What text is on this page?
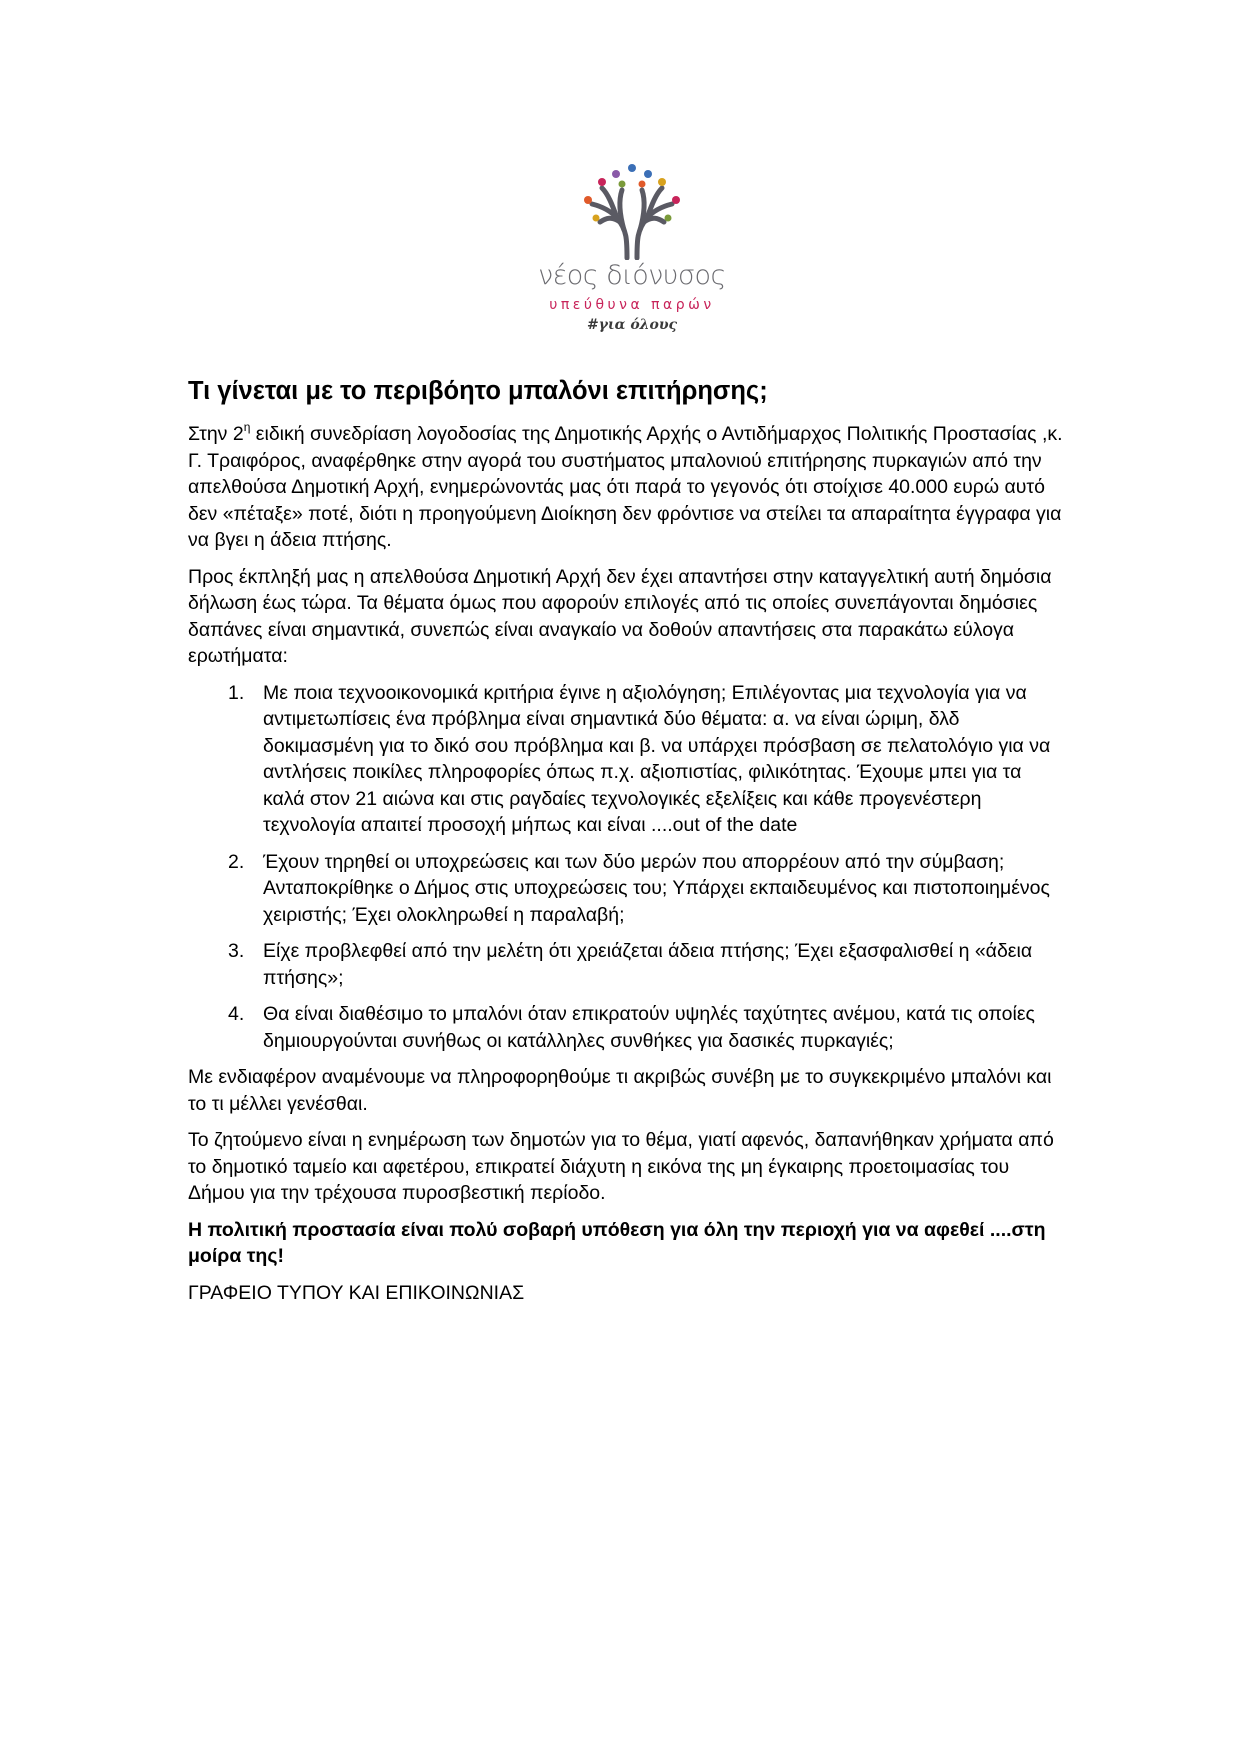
νέος διόνυσος
υπεύθυνα παρών
#για όλους
Τι γίνεται με το περιβόητο μπαλόνι επιτήρησης;

Στην $2^\eta$ ειδική συνεδρίαση λογοδοσίας της Δημοτικής Αρχής ο Αντιδήμαρχος Πολιτικής Προστασίας ,κ. Γ. Τραιφόρος, αναφέρθηκε στην αγορά του συστήματος μπαλονιού επιτήρησης πυρκαγιών από την απελθούσα Δημοτική Αρχή, ενημερώνοντάς μας ότι παρά το γεγονός ότι στοίχισε 40.000 ευρώ αυτό δεν «πέταξε» ποτέ, διότι η προηγούμενη Διοίκηση δεν φρόντισε να στείλει τα απαραίτητα έγγραφα για να βγει η άδεια πτήσης.

Προς έκπληξή μας η απελθούσα Δημοτική Αρχή δεν έχει απαντήσει στην καταγγελτική αυτή δημόσια δήλωση έως τώρα. Τα θέματα όμως που αφορούν επιλογές από τις οποίες συνεπάγονται δημόσιες δαπάνες είναι σημαντικά, συνεπώς είναι αναγκαίο να δοθούν απαντήσεις στα παρακάτω εύλογα ερωτήματα:

1. Με ποια τεχνοοικονομικά κριτήρια έγινε η αξιολόγηση; Επιλέγοντας μια τεχνολογία για να αντιμετωπίσεις ένα πρόβλημα είναι σημαντικά δύο θέματα: α. να είναι ώριμη, δλδ δοκιμασμένη για το δικό σου πρόβλημα και β. να υπάρχει πρόσβαση σε πελατολόγιο για να αντλήσεις ποικίλες πληροφορίες όπως π.χ. αξιοπιστίας, φιλικότητας. Έχουμε μπει για τα καλά στον 21 αιώνα και στις ραγδαίες τεχνολογικές εξελίξεις και κάθε προγενέστερη τεχνολογία απαιτεί προσοχή μήπως και είναι ....out of the date
2. Έχουν τηρηθεί οι υποχρεώσεις και των δύο μερών που απορρέουν από την σύμβαση; Ανταποκρίθηκε ο Δήμος στις υποχρεώσεις του; Υπάρχει εκπαιδευμένος και πιστοποιημένος χειριστής; Έχει ολοκληρωθεί η παραλαβή;
3. Είχε προβλεφθεί από την μελέτη ότι χρειάζεται άδεια πτήσης; Έχει εξασφαλισθεί η «άδεια πτήσης»;
4. Θα είναι διαθέσιμο το μπαλόνι όταν επικρατούν υψηλές ταχύτητες ανέμου, κατά τις οποίες δημιουργούνται συνήθως οι κατάλληλες συνθήκες για δασικές πυρκαγιές;

Με ενδιαφέρον αναμένουμε να πληροφορηθούμε τι ακριβώς συνέβη με το συγκεκριμένο μπαλόνι και το τι μέλλει γενέσθαι.

Το ζητούμενο είναι η ενημέρωση των δημοτών για το θέμα, γιατί αφενός, δαπανήθηκαν χρήματα από το δημοτικό ταμείο και αφετέρου, επικρατεί διάχυτη η εικόνα της μη έγκαιρης προετοιμασίας του Δήμου για την τρέχουσα πυροσβεστική περίοδο.

Η πολιτική προστασία είναι πολύ σοβαρή υπόθεση για όλη την περιοχή για να αφεθεί ....στη μοίρα της!

ΓΡΑΦΕΙΟ ΤΥΠΟΥ ΚΑΙ ΕΠΙΚΟΙΝΩΝΙΑΣ
